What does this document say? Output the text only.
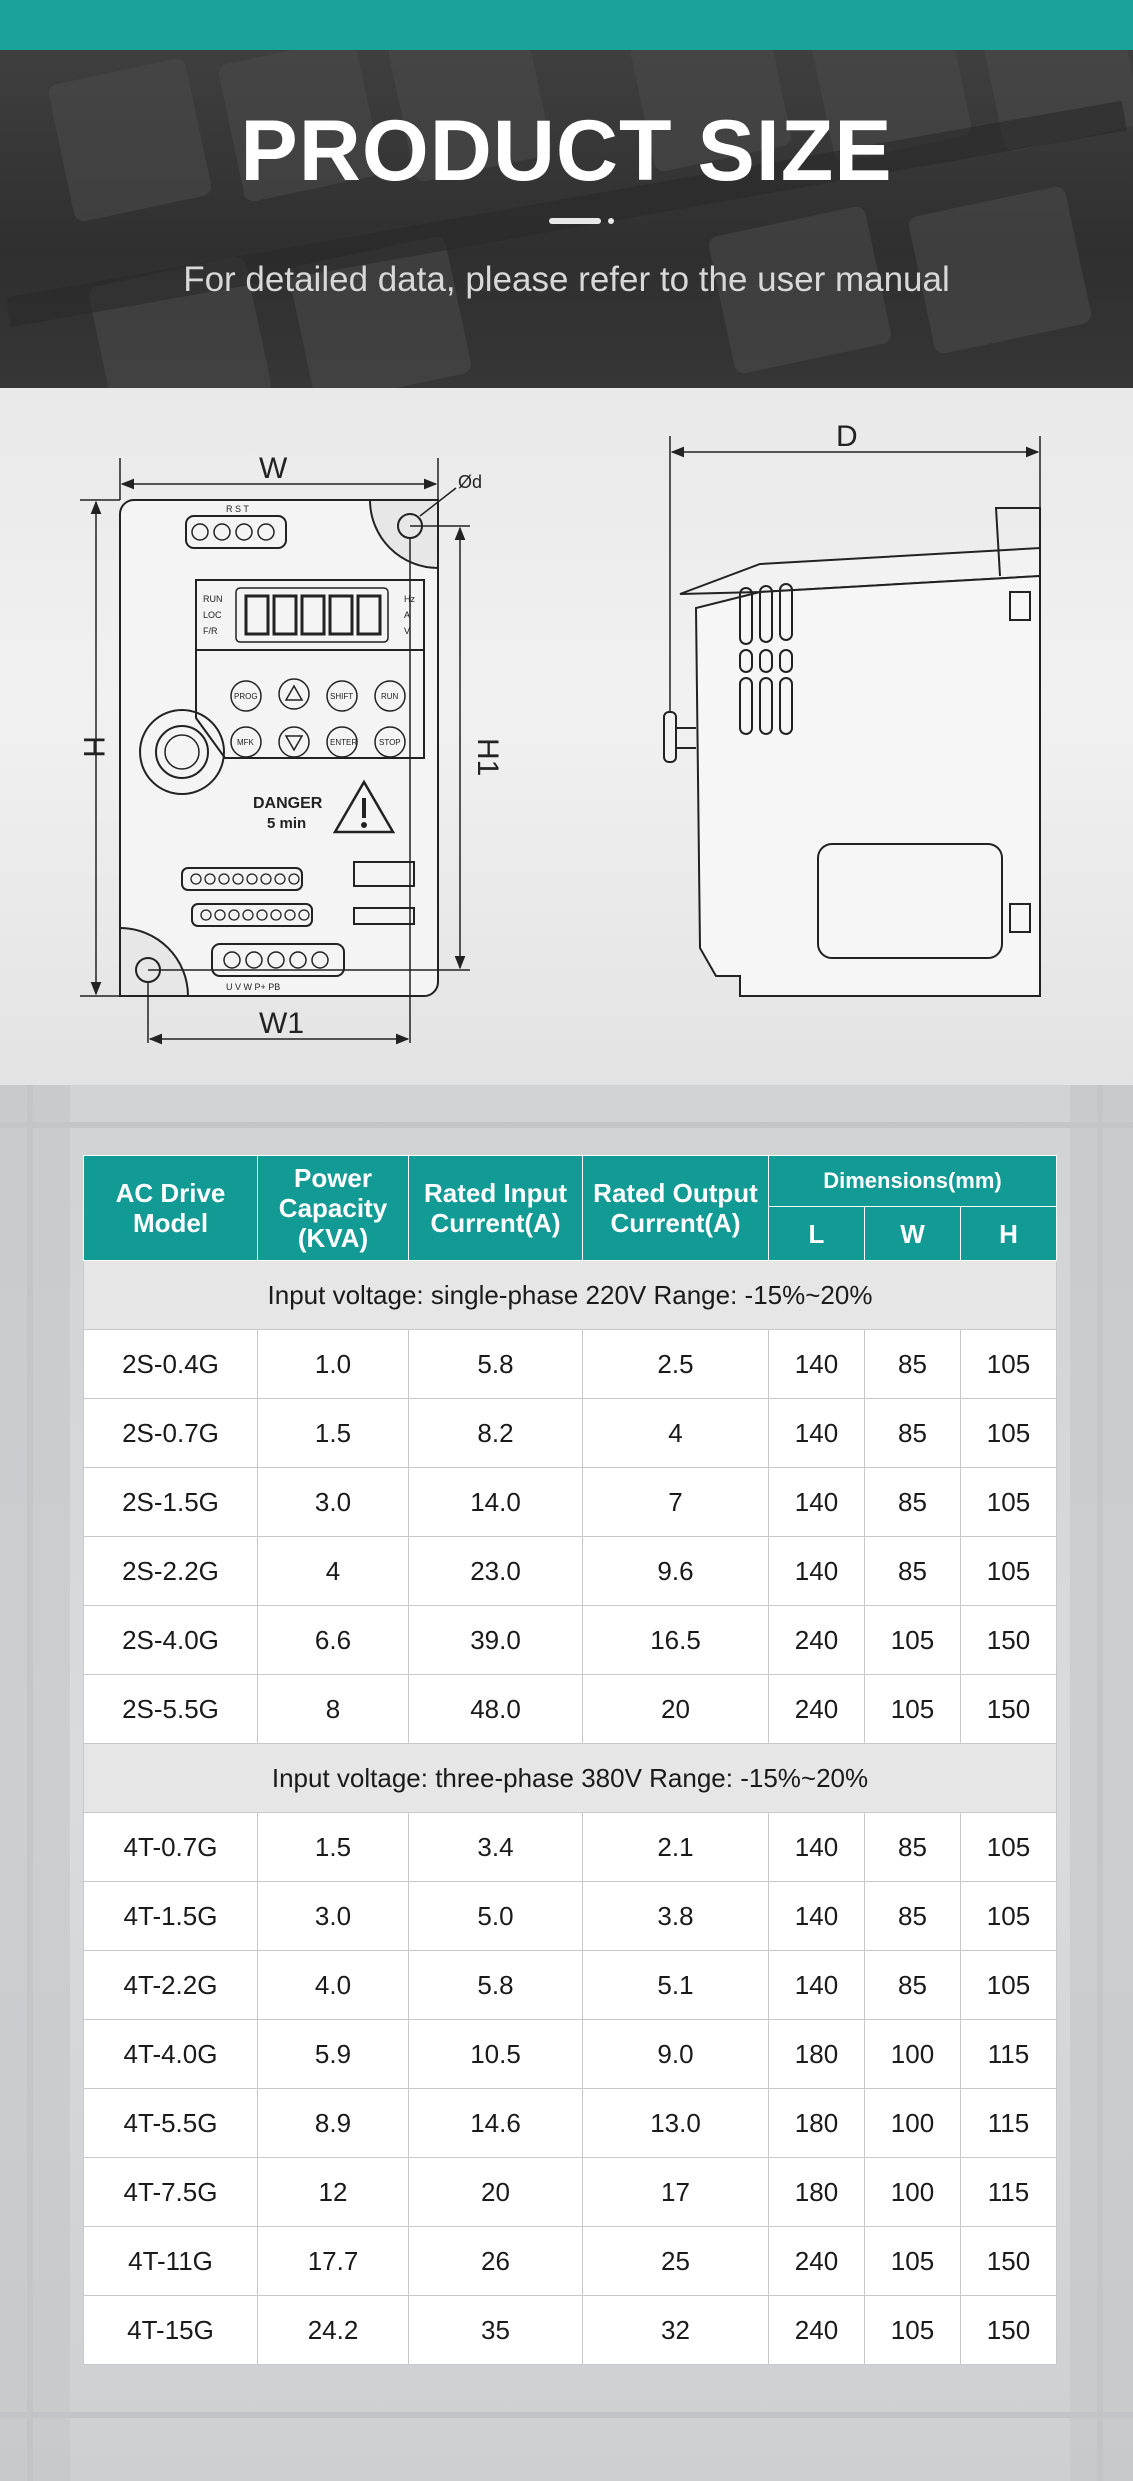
PRODUCT SIZE
For detailed data, please refer to the user manual
R S T
U V W P+ PB
RUN
LOC
F/R
Hz
A
V
PROG	SHIFT	RUN
MFK	ENTER	STOP
DANGER
5 min
W
W1
H	H1
Ød
D
AC Drive Model	Power Capacity (KVA)	Rated Input Current(A)	Rated Output Current(A)	Dimensions(mm)		
				L	W	H
Input voltage: single-phase 220V Range: -15%~20%						
2S-0.4G	1.0	5.8	2.5	140	85	105
2S-0.7G	1.5	8.2	4	140	85	105
2S-1.5G	3.0	14.0	7	140	85	105
2S-2.2G	4	23.0	9.6	140	85	105
2S-4.0G	6.6	39.0	16.5	240	105	150
2S-5.5G	8	48.0	20	240	105	150
Input voltage: three-phase 380V Range: -15%~20%						
4T-0.7G	1.5	3.4	2.1	140	85	105
4T-1.5G	3.0	5.0	3.8	140	85	105
4T-2.2G	4.0	5.8	5.1	140	85	105
4T-4.0G	5.9	10.5	9.0	180	100	115
4T-5.5G	8.9	14.6	13.0	180	100	115
4T-7.5G	12	20	17	180	100	115
4T-11G	17.7	26	25	240	105	150
4T-15G	24.2	35	32	240	105	150
